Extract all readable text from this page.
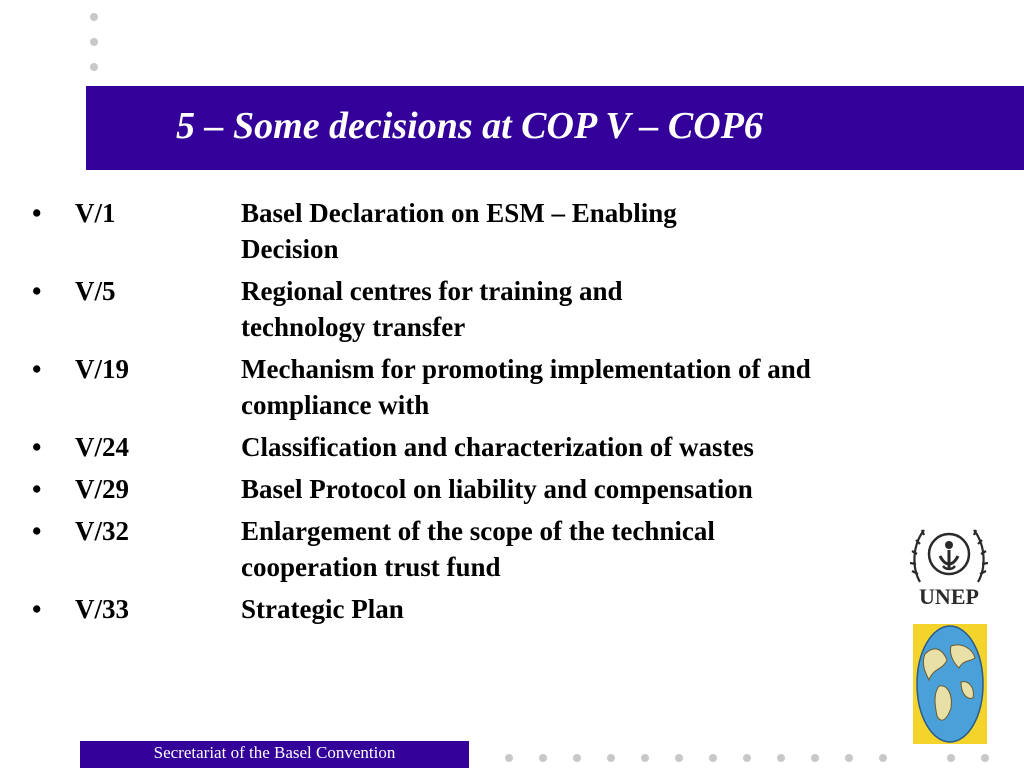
5 – Some decisions at COP V – COP6
• V/1	Basel Declaration on ESM – Enabling
Decision
• V/5	Regional centres for training and
technology transfer
• V/19	Mechanism for promoting implementation of and
compliance with
• V/24	Classification and characterization of wastes
• V/29	Basel Protocol on liability and compensation
• V/32	Enlargement of the scope of the technical
cooperation trust fund
• V/33	Strategic Plan	UNEP
Secretariat of the Basel Convention
